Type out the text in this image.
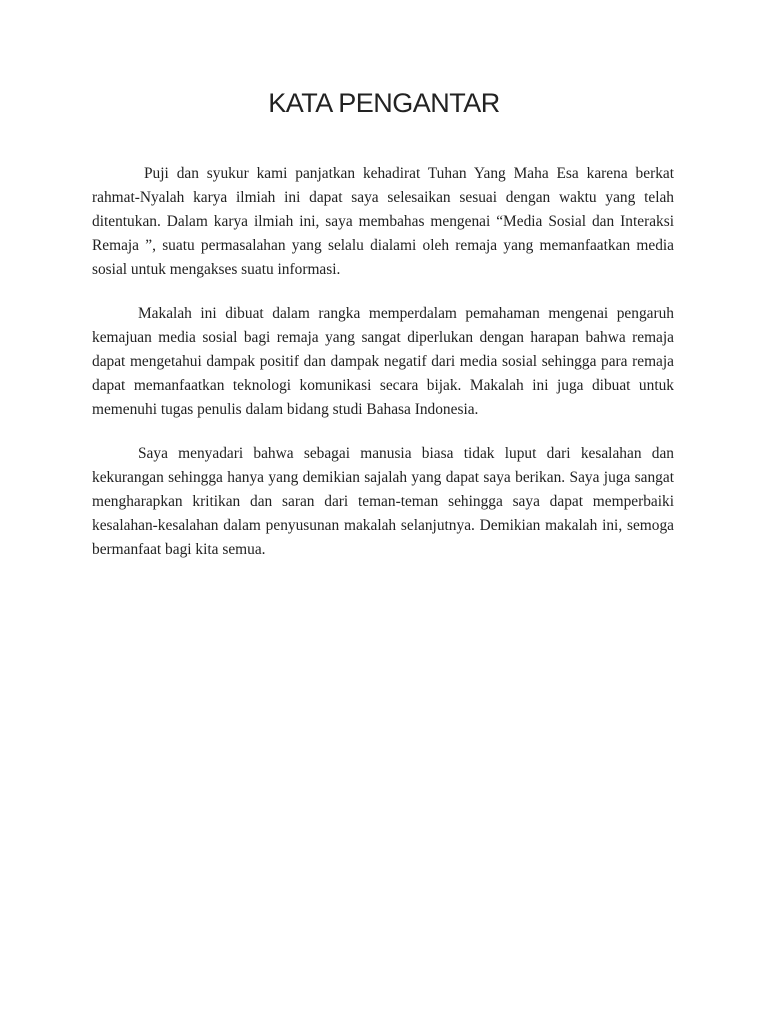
KATA PENGANTAR

Puji dan syukur kami panjatkan kehadirat Tuhan Yang Maha Esa karena berkat rahmat-Nyalah karya ilmiah ini dapat saya selesaikan sesuai dengan waktu yang telah ditentukan. Dalam karya ilmiah ini, saya membahas mengenai “Media Sosial dan Interaksi Remaja ”, suatu permasalahan yang selalu dialami oleh remaja yang memanfaatkan media sosial untuk mengakses suatu informasi.

Makalah ini dibuat dalam rangka memperdalam pemahaman mengenai pengaruh kemajuan media sosial bagi remaja yang sangat diperlukan dengan harapan bahwa remaja dapat mengetahui dampak positif dan dampak negatif dari media sosial sehingga para remaja dapat memanfaatkan teknologi komunikasi secara bijak. Makalah ini juga dibuat untuk memenuhi tugas penulis dalam bidang studi Bahasa Indonesia.

Saya menyadari bahwa sebagai manusia biasa tidak luput dari kesalahan dan kekurangan sehingga hanya yang demikian sajalah yang dapat saya berikan. Saya juga sangat mengharapkan kritikan dan saran dari teman-teman sehingga saya dapat memperbaiki kesalahan-kesalahan dalam penyusunan makalah selanjutnya. Demikian makalah ini, semoga bermanfaat bagi kita semua.
